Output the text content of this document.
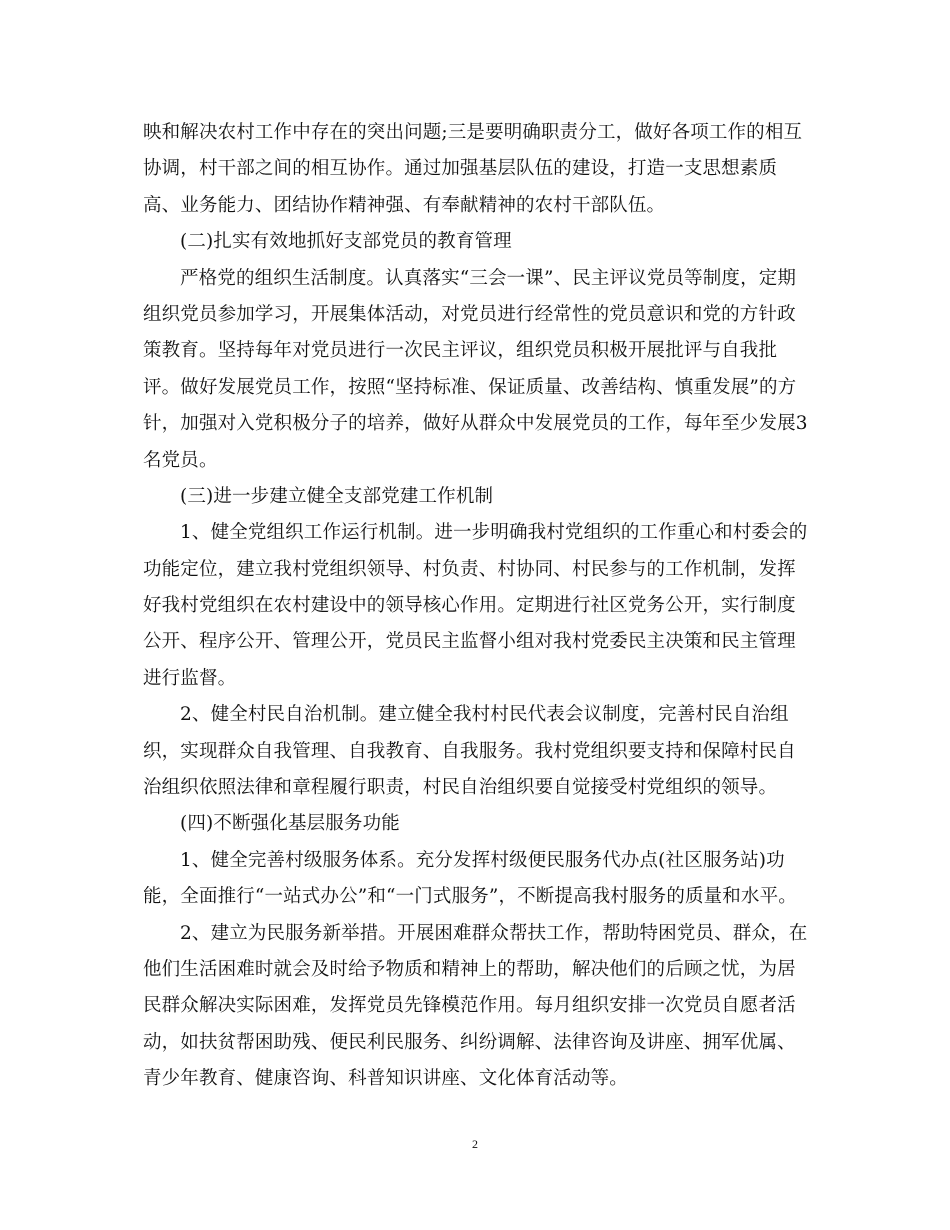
映和解决农村工作中存在的突出问题;三是要明确职责分工，做好各项工作的相互
协调，村干部之间的相互协作。通过加强基层队伍的建设，打造一支思想素质
高、业务能力、团结协作精神强、有奉献精神的农村干部队伍。
(二)扎实有效地抓好支部党员的教育管理
严格党的组织生活制度。认真落实“三会一课”、民主评议党员等制度，定期
组织党员参加学习，开展集体活动，对党员进行经常性的党员意识和党的方针政
策教育。坚持每年对党员进行一次民主评议，组织党员积极开展批评与自我批
评。做好发展党员工作，按照“坚持标准、保证质量、改善结构、慎重发展”的方
针，加强对入党积极分子的培养，做好从群众中发展党员的工作，每年至少发展3
名党员。
(三)进一步建立健全支部党建工作机制
1、健全党组织工作运行机制。进一步明确我村党组织的工作重心和村委会的
功能定位，建立我村党组织领导、村负责、村协同、村民参与的工作机制，发挥
好我村党组织在农村建设中的领导核心作用。定期进行社区党务公开，实行制度
公开、程序公开、管理公开，党员民主监督小组对我村党委民主决策和民主管理
进行监督。
2、健全村民自治机制。建立健全我村村民代表会议制度，完善村民自治组
织，实现群众自我管理、自我教育、自我服务。我村党组织要支持和保障村民自
治组织依照法律和章程履行职责，村民自治组织要自觉接受村党组织的领导。
(四)不断强化基层服务功能
1、健全完善村级服务体系。充分发挥村级便民服务代办点(社区服务站)功
能，全面推行“一站式办公”和“一门式服务”，不断提高我村服务的质量和水平。
2、建立为民服务新举措。开展困难群众帮扶工作，帮助特困党员、群众，在
他们生活困难时就会及时给予物质和精神上的帮助，解决他们的后顾之忧，为居
民群众解决实际困难，发挥党员先锋模范作用。每月组织安排一次党员自愿者活
动，如扶贫帮困助残、便民利民服务、纠纷调解、法律咨询及讲座、拥军优属、
青少年教育、健康咨询、科普知识讲座、文化体育活动等。
2
